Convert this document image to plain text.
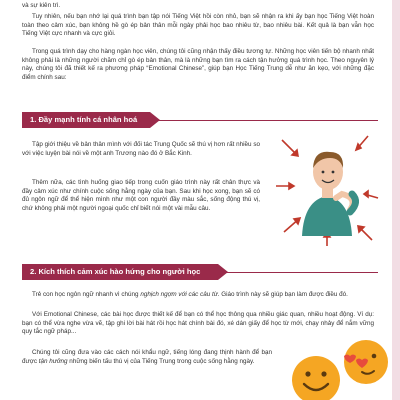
và sự kiên trì.
Tuy nhiên, nếu bạn nhớ lại quá trình bạn tập nói Tiếng Việt hồi còn nhỏ, bạn sẽ nhận ra khi ấy bạn học Tiếng Việt hoàn toàn theo cảm xúc, bạn không hề gò ép bản thân mỗi ngày phải học bao nhiêu từ, bao nhiêu bài. Kết quả là bạn vẫn học Tiếng Việt cực nhanh và cực giỏi.
Trong quá trình dạy cho hàng ngàn học viên, chúng tôi cũng nhận thấy điều tương tự. Những học viên tiến bộ nhanh nhất không phải là những người chăm chỉ gò ép bản thân, mà là những bạn tìm ra cách tận hưởng quá trình học. Theo nguyên lý này, chúng tôi đã thiết kế ra phương pháp “Emotional Chinese”, giúp bạn Học Tiếng Trung dễ như ăn kẹo, với những đặc điểm chính sau:
1. Đầy mạnh tính cá nhân hoá
Tập giới thiệu về bản thân mình với đối tác Trung Quốc sẽ thú vị hơn rất nhiều so với việc luyện bài nói về một anh Trương nào đó ở Bắc Kinh.
Thêm nữa, các tình huống giao tiếp trong cuốn giáo trình này rất chân thực và đầy cảm xúc như chính cuộc sống hằng ngày của bạn. Sau khi học xong, bạn sẽ có đủ ngôn ngữ để thể hiện mình như một con người đầy màu sắc, sống động thú vị, chứ không phải một người ngoại quốc chỉ biết nói một vài mẫu câu.
2. Kích thích cảm xúc hào hứng cho người học
Trẻ con học ngôn ngữ nhanh vì chúng nghịch ngợm với các câu từ. Giáo trình này sẽ giúp bạn làm được điều đó.
Với Emotional Chinese, các bài học được thiết kế để bạn có thể học thông qua nhiều giác quan, nhiều hoạt động. Ví dụ: bạn có thể vừa nghe vừa vẽ, tập ghi lời bài hát rồi học hát chính bài đó, xé dán giấy để học từ mới, chạy nhảy để nắm vững quy tắc ngữ pháp...
Chúng tôi cũng đưa vào các cách nói khẩu ngữ, tiếng lóng đang thịnh hành để bạn được tận hưởng những biến tấu thú vị của Tiếng Trung trong cuộc sống hằng ngày.
